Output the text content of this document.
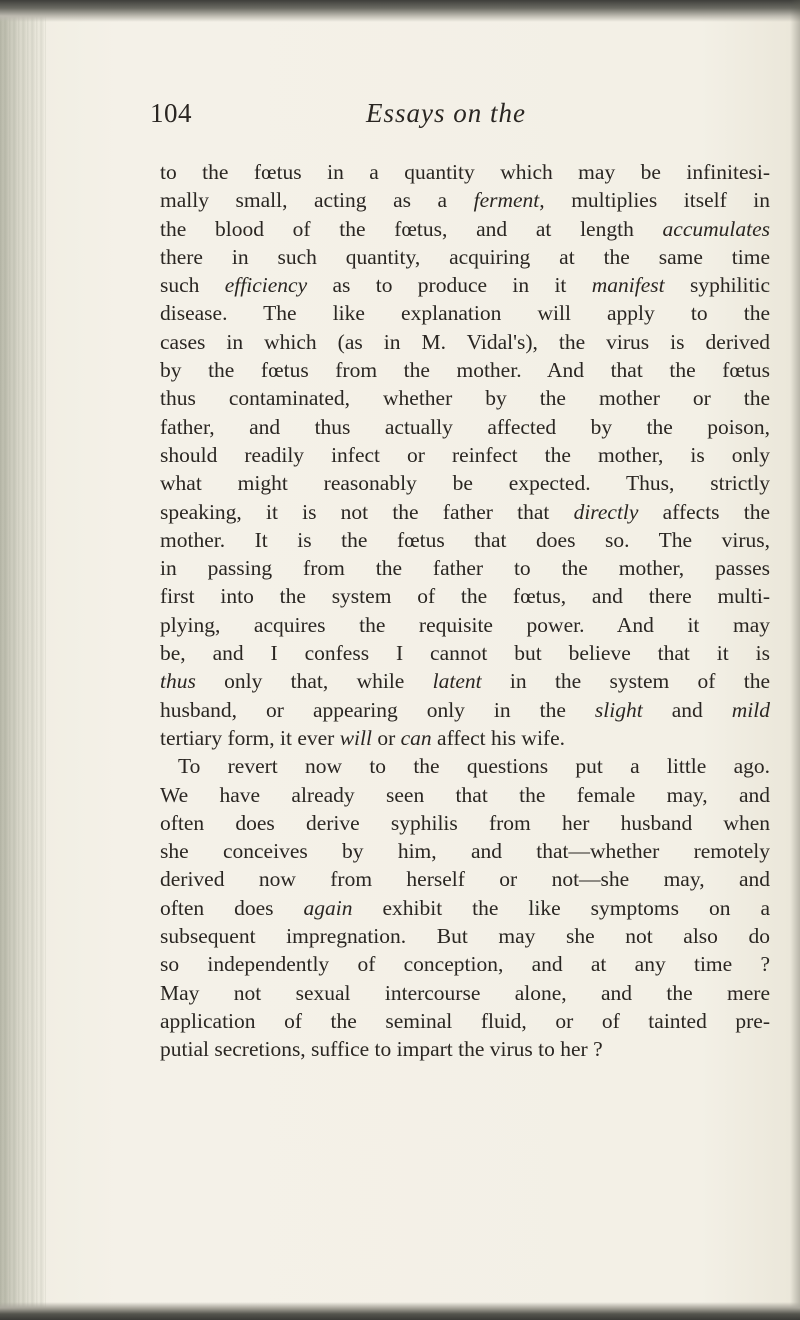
104	Essays on the
to the fœtus in a quantity which may be infinitesi-
mally small, acting as a ferment, multiplies itself in
the blood of the fœtus, and at length accumulates
there in such quantity, acquiring at the same time
such efficiency as to produce in it manifest syphilitic
disease. The like explanation will apply to the
cases in which (as in M. Vidal's), the virus is derived
by the fœtus from the mother. And that the fœtus
thus contaminated, whether by the mother or the
father, and thus actually affected by the poison,
should readily infect or reinfect the mother, is only
what might reasonably be expected. Thus, strictly
speaking, it is not the father that directly affects the
mother. It is the fœtus that does so. The virus,
in passing from the father to the mother, passes
first into the system of the fœtus, and there multi-
plying, acquires the requisite power. And it may
be, and I confess I cannot but believe that it is
thus only that, while latent in the system of the
husband, or appearing only in the slight and mild
tertiary form, it ever will or can affect his wife.
To revert now to the questions put a little ago.
We have already seen that the female may, and
often does derive syphilis from her husband when
she conceives by him, and that—whether remotely
derived now from herself or not—she may, and
often does again exhibit the like symptoms on a
subsequent impregnation. But may she not also do
so independently of conception, and at any time ?
May not sexual intercourse alone, and the mere
application of the seminal fluid, or of tainted pre-
putial secretions, suffice to impart the virus to her ?
